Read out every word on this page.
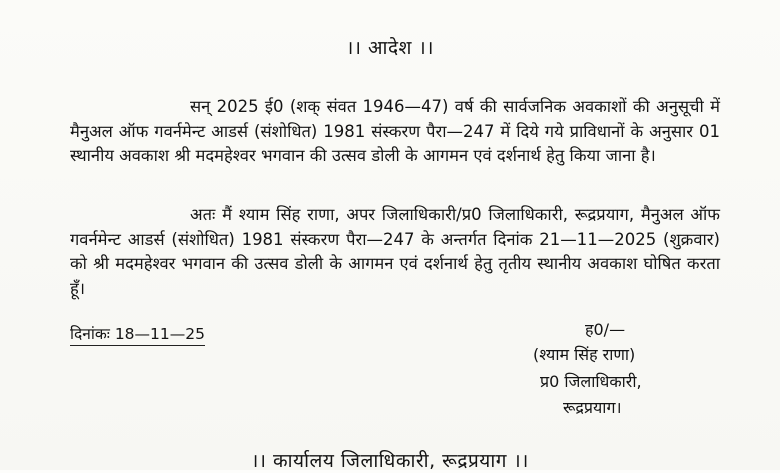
।। आदेश ।।

सन् 2025 ई0 (शक् संवत 1946—47) वर्ष की सार्वजनिक अवकाशों की अनुसूची में मैनुअल ऑफ गवर्नमेन्ट आडर्स (संशोधित) 1981 संस्करण पैरा—247 में दिये गये प्राविधानों के अनुसार 01 स्थानीय अवकाश श्री मदमहेश्वर भगवान की उत्सव डोली के आगमन एवं दर्शनार्थ हेतु किया जाना है।

अतः मैं श्याम सिंह राणा, अपर जिलाधिकारी/प्र0 जिलाधिकारी, रूद्रप्रयाग, मैनुअल ऑफ गवर्नमेन्ट आडर्स (संशोधित) 1981 संस्करण पैरा—247 के अन्तर्गत दिनांक 21—11—2025 (शुक्रवार) को श्री मदमहेश्वर भगवान की उत्सव डोली के आगमन एवं दर्शनार्थ हेतु तृतीय स्थानीय अवकाश घोषित करता हूँ।

दिनांकः 18—11—25	ह0/—
(श्याम सिंह राणा)
प्र0 जिलाधिकारी,
रूद्रप्रयाग।
।। कार्यालय जिलाधिकारी, रूद्रप्रयाग ।।
